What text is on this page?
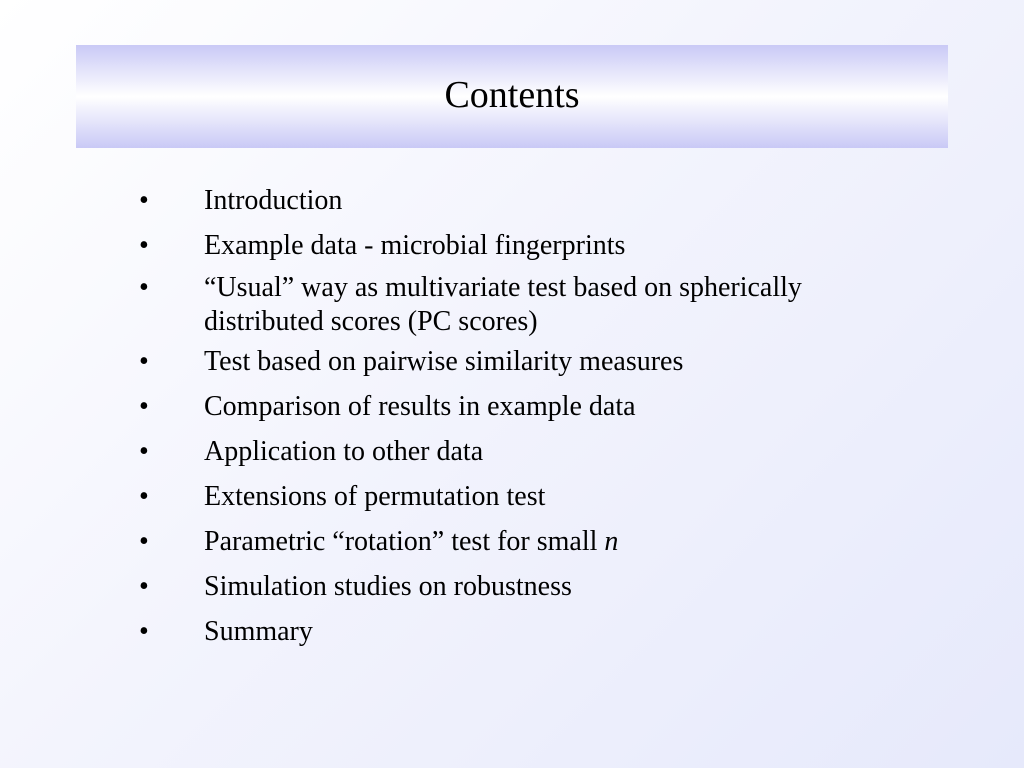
Contents
• Introduction
• Example data - microbial fingerprints
• “Usual” way as multivariate test based on spherically distributed scores (PC scores)
• Test based on pairwise similarity measures
• Comparison of results in example data
• Application to other data
• Extensions of permutation test
• Parametric “rotation” test for small n
• Simulation studies on robustness
• Summary
